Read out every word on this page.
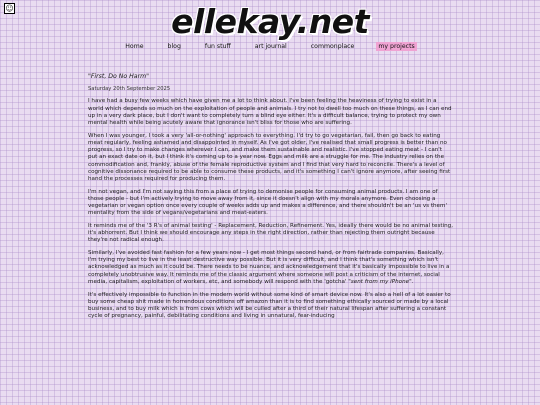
☺	ellekay.net
Home	blog	fun stuff	art journal	commonplace	my projects

"First, Do No Harm"

Saturday 20th September 2025

I have had a busy few weeks which have given me a lot to think about. I've been feeling the heaviness of trying to exist in a world which depends so much on the exploitation of people and animals. I try not to dwell too much on these things, as I can end up in a very dark place, but I don't want to completely turn a blind eye either. It's a difficult balance, trying to protect my own mental health while being acutely aware that ignorance isn't bliss for those who are suffering.

When I was younger, I took a very 'all-or-nothing' approach to everything. I'd try to go vegetarian, fail, then go back to eating meat regularly, feeling ashamed and disappointed in myself. As I've got older, I've realised that small progress is better than no progress, so I try to make changes wherever I can, and make them sustainable and realistic. I've stopped eating meat - I can't put an exact date on it, but I think it's coming up to a year now. Eggs and milk are a struggle for me. The industry relies on the commodification and, frankly, abuse of the female reproductive system and I find that very hard to reconcile. There's a level of cognitive dissonance required to be able to consume these products, and it's something I can't ignore anymore, after seeing first hand the processes required for producing them.

I'm not vegan, and I'm not saying this from a place of trying to demonise people for consuming animal products. I am one of those people - but I'm actively trying to move away from it, since it doesn't align with my morals anymore. Even choosing a vegetarian or vegan option once every couple of weeks adds up and makes a difference, and there shouldn't be an 'us vs them' mentality from the side of vegans/vegetarians and meat-eaters.

It reminds me of the '3 R's of animal testing' - Replacement, Reduction, Refinement. Yes, ideally there would be no animal testing, it's abhorrent. But I think we should encourage any steps in the right direction, rather than rejecting them outright because they're not radical enough.

Similarly, I've avoided fast fashion for a few years now - I get most things second hand, or from fairtrade companies. Basically, I'm trying my best to live in the least destructive way possible. But it is very difficult, and I think that's something which isn't acknowledged as much as it could be. There needs to be nuance, and acknowledgement that it's basically impossible to live in a completely unobtrusive way. It reminds me of the classic argument where someone will post a criticism of the internet, social media, capitalism, exploitation of workers, etc, and somebody will respond with the 'gotcha' "sent from my iPhone".

It's effectively impossible to function in the modern world without some kind of smart device now. It's also a hell of a lot easier to buy some cheap shit made in horrendous conditions off amazon than it is to find something ethically sourced or made by a local business, and to buy milk which is from cows which will be culled after a third of their natural lifespan after suffering a constant cycle of pregnancy, painful, debilitating conditions and living in unnatural, fear-inducing
